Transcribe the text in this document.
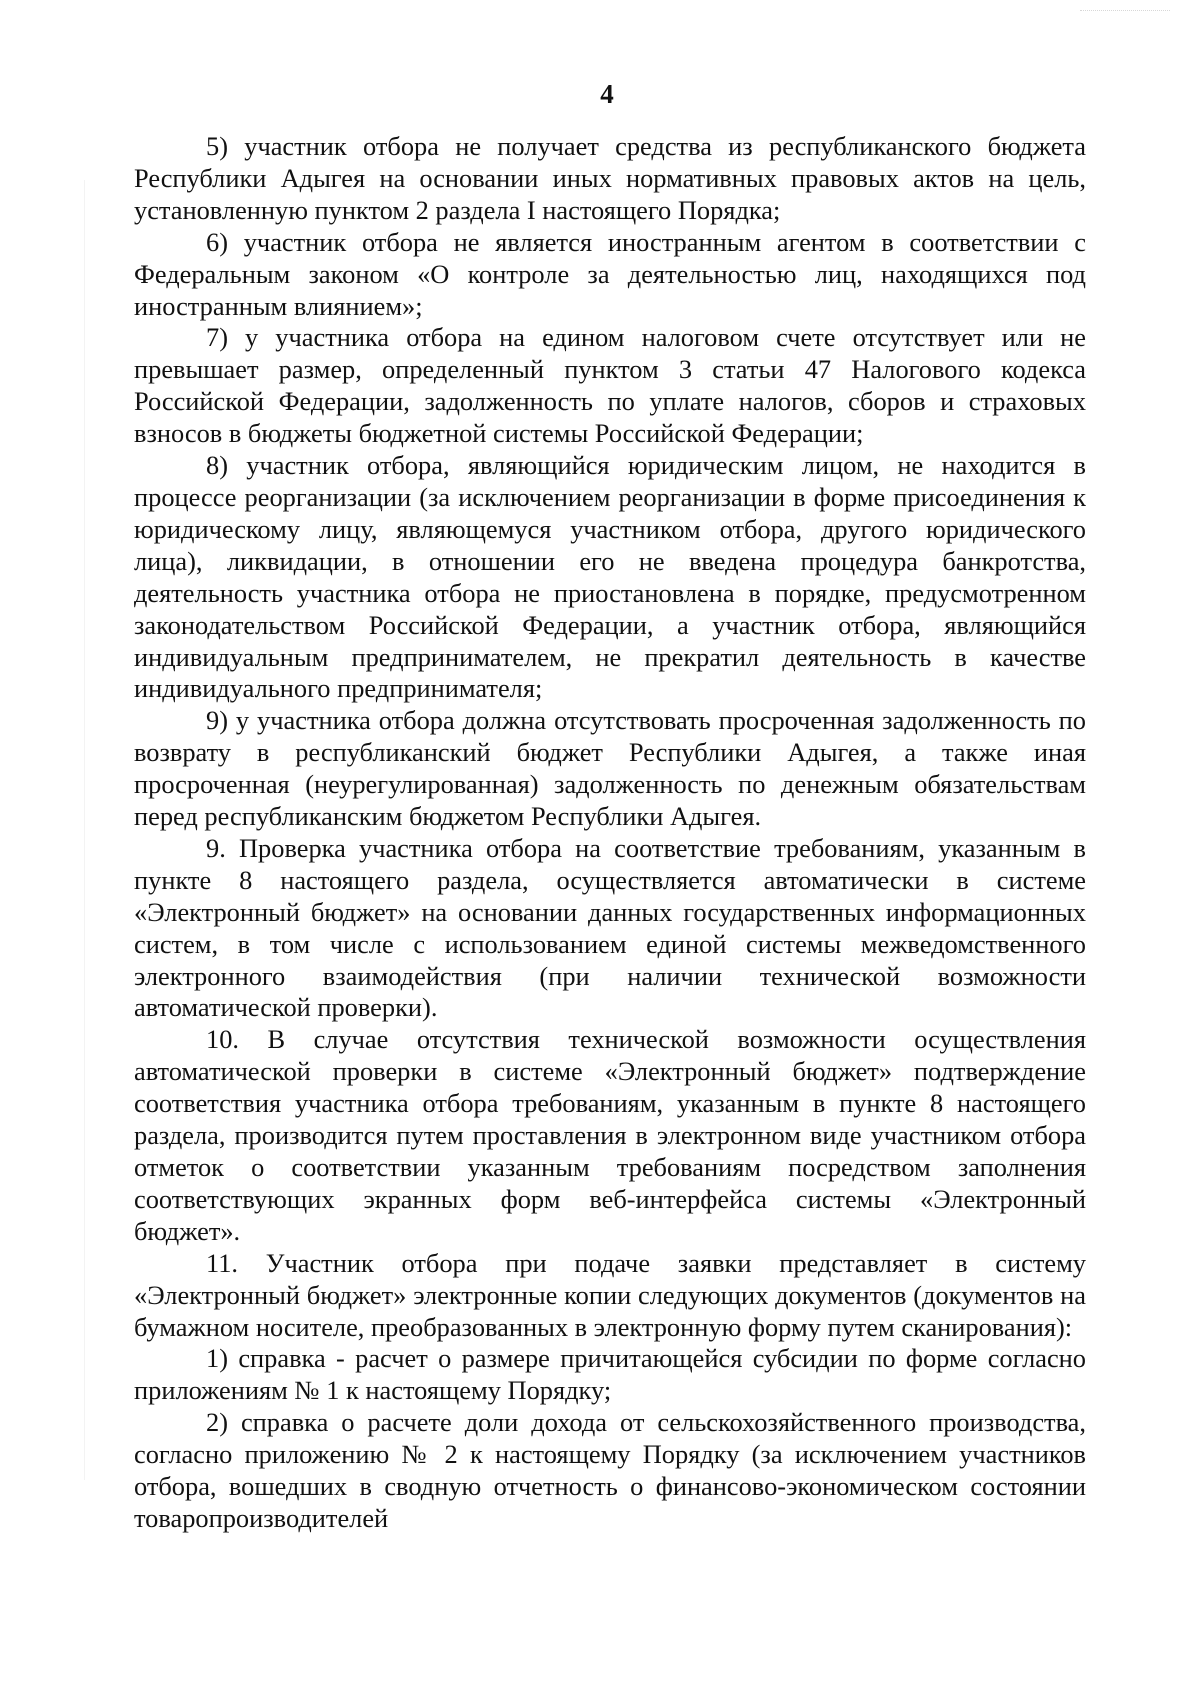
4

5) участник отбора не получает средства из республиканского бюджета Республики Адыгея на основании иных нормативных правовых актов на цель, установленную пунктом 2 раздела I настоящего Порядка;

6) участник отбора не является иностранным агентом в соответствии с Федеральным законом «О контроле за деятельностью лиц, находящихся под иностранным влиянием»;

7) у участника отбора на едином налоговом счете отсутствует или не превышает размер, определенный пунктом 3 статьи 47 Налогового кодекса Российской Федерации, задолженность по уплате налогов, сборов и страховых взносов в бюджеты бюджетной системы Российской Федерации;

8) участник отбора, являющийся юридическим лицом, не находится в процессе реорганизации (за исключением реорганизации в форме присоединения к юридическому лицу, являющемуся участником отбора, другого юридического лица), ликвидации, в отношении его не введена процедура банкротства, деятельность участника отбора не приостановлена в порядке, предусмотренном законодательством Российской Федерации, а участник отбора, являющийся индивидуальным предпринимателем, не прекратил деятельность в качестве индивидуального предпринимателя;

9) у участника отбора должна отсутствовать просроченная задолженность по возврату в республиканский бюджет Республики Адыгея, а также иная просроченная (неурегулированная) задолженность по денежным обязательствам перед республиканским бюджетом Республики Адыгея.

9. Проверка участника отбора на соответствие требованиям, указанным в пункте 8 настоящего раздела, осуществляется автоматически в системе «Электронный бюджет» на основании данных государственных информационных систем, в том числе с использованием единой системы межведомственного электронного взаимодействия (при наличии технической возможности автоматической проверки).

10. В случае отсутствия технической возможности осуществления автоматической проверки в системе «Электронный бюджет» подтверждение соответствия участника отбора требованиям, указанным в пункте 8 настоящего раздела, производится путем проставления в электронном виде участником отбора отметок о соответствии указанным требованиям посредством заполнения соответствующих экранных форм веб-интерфейса системы «Электронный бюджет».

11. Участник отбора при подаче заявки представляет в систему «Электронный бюджет» электронные копии следующих документов (документов на бумажном носителе, преобразованных в электронную форму путем сканирования):

1) справка - расчет о размере причитающейся субсидии по форме согласно приложениям № 1 к настоящему Порядку;

2) справка о расчете доли дохода от сельскохозяйственного производства, согласно приложению № 2 к настоящему Порядку (за исключением участников отбора, вошедших в сводную отчетность о финансово-экономическом состоянии товаропроизводителей
